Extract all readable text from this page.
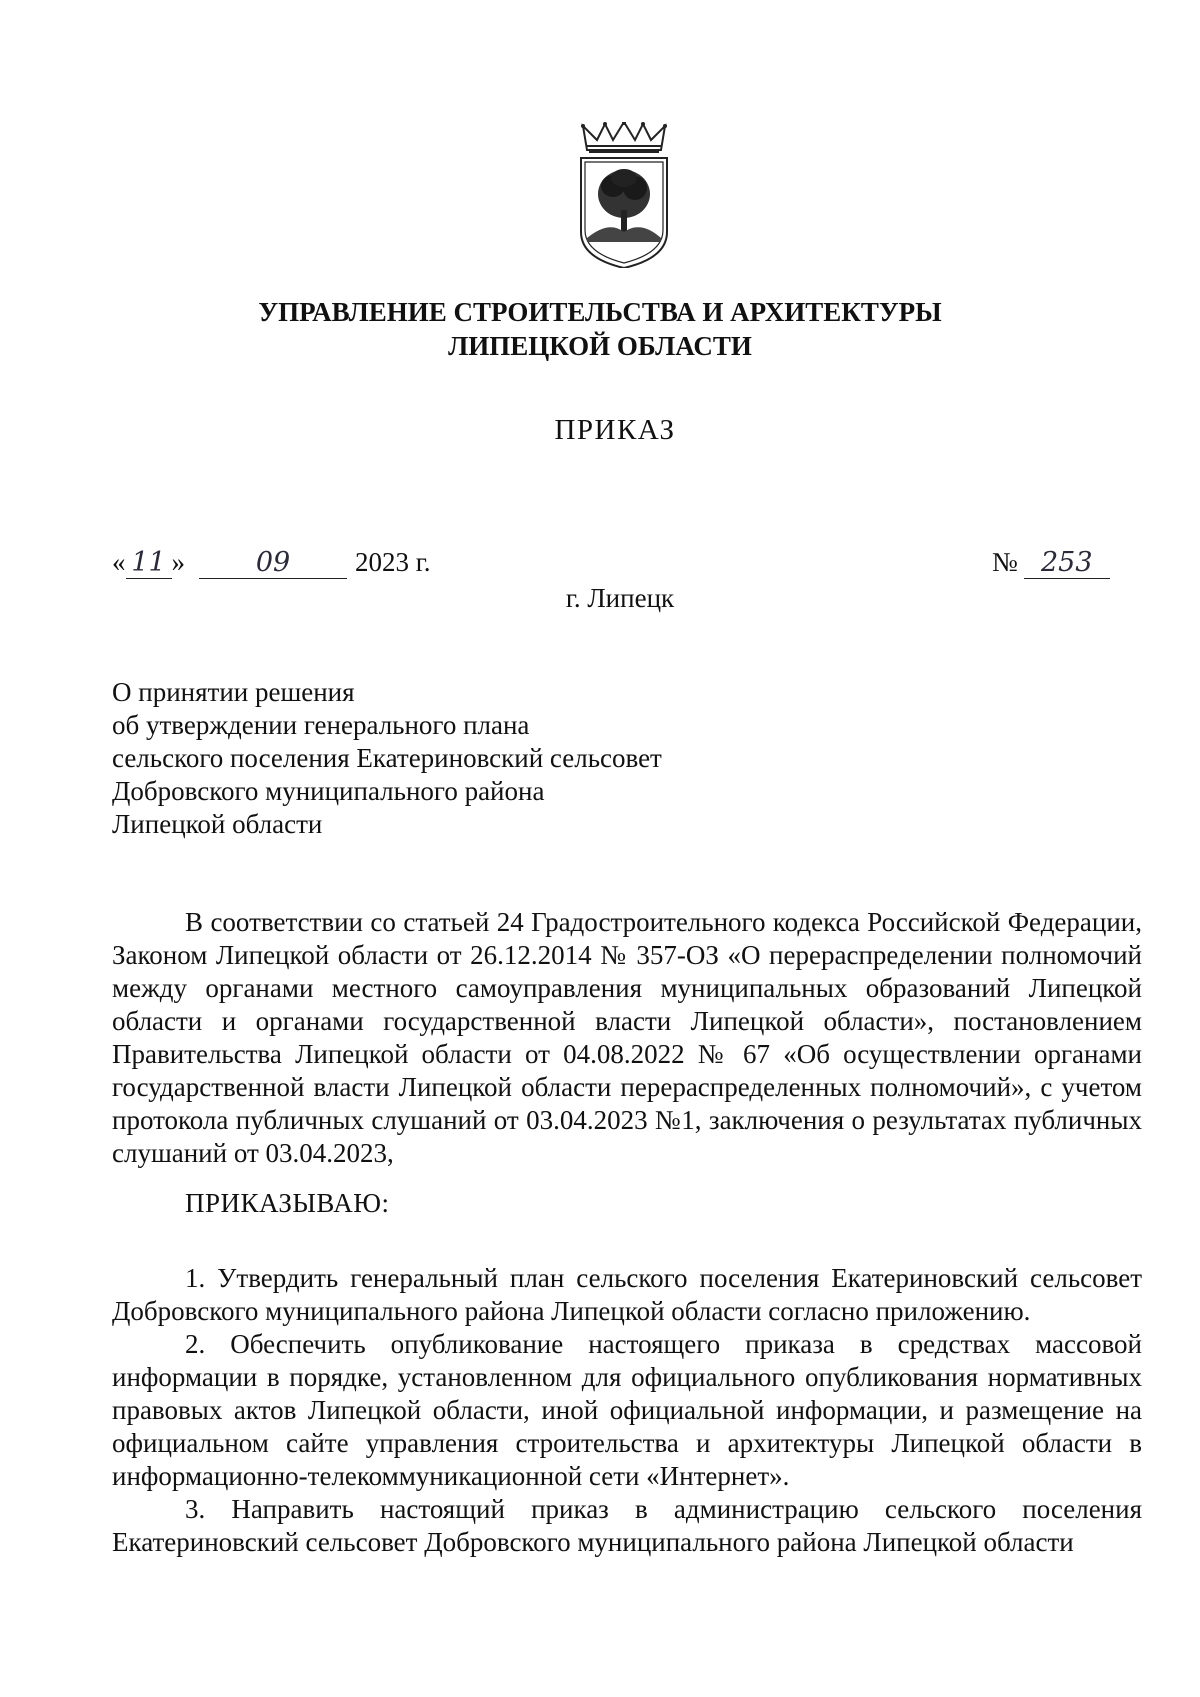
УПРАВЛЕНИЕ СТРОИТЕЛЬСТВА И АРХИТЕКТУРЫ
ЛИПЕЦКОЙ ОБЛАСТИ
ПРИКАЗ
« 11 »	09 2023 г.	№ 253
г. Липецк
О принятии решения
об утверждении генерального плана
сельского поселения Екатериновский сельсовет
Добровского муниципального района
Липецкой области
В соответствии со статьей 24 Градостроительного кодекса Российской Федерации, Законом Липецкой области от 26.12.2014 № 357-ОЗ «О перераспределении полномочий между органами местного самоуправления муниципальных образований Липецкой области и органами государственной власти Липецкой области», постановлением Правительства Липецкой области от 04.08.2022 № 67 «Об осуществлении органами государственной власти Липецкой области перераспределенных полномочий», с учетом протокола публичных слушаний от 03.04.2023 №1, заключения о результатах публичных слушаний от 03.04.2023,
ПРИКАЗЫВАЮ:

1. Утвердить генеральный план сельского поселения Екатериновский сельсовет Добровского муниципального района Липецкой области согласно приложению.

2. Обеспечить опубликование настоящего приказа в средствах массовой информации в порядке, установленном для официального опубликования нормативных правовых актов Липецкой области, иной официальной информации, и размещение на официальном сайте управления строительства и архитектуры Липецкой области в информационно-телекоммуникационной сети «Интернет».

3. Направить настоящий приказ в администрацию сельского поселения Екатериновский сельсовет Добровского муниципального района Липецкой области
